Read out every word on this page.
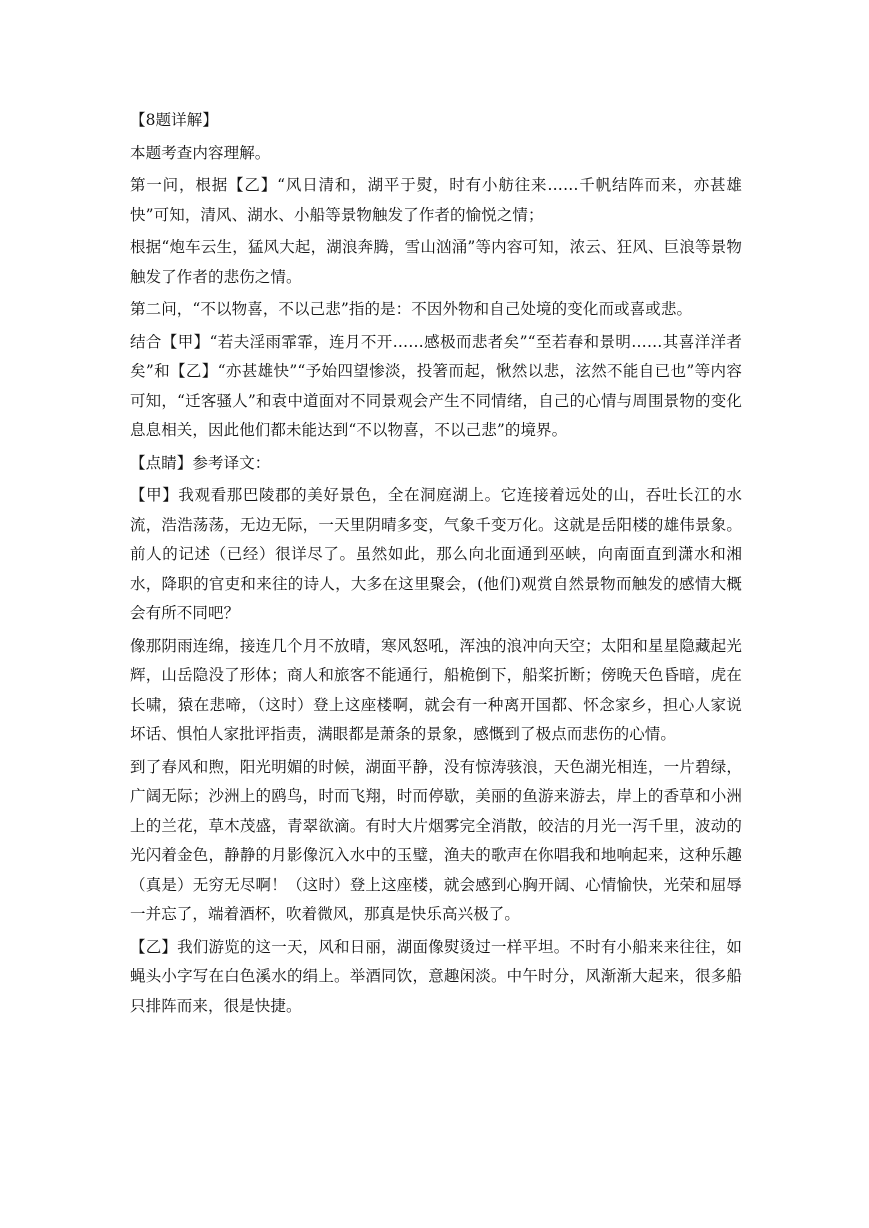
【8题详解】

本题考查内容理解。

第一问，根据【乙】“风日清和，湖平于熨，时有小舫往来……千帆结阵而来，亦甚雄快”可知，清风、湖水、小船等景物触发了作者的愉悦之情；

根据“炮车云生，猛风大起，湖浪奔腾，雪山汹涌”等内容可知，浓云、狂风、巨浪等景物触发了作者的悲伤之情。

第二问，“不以物喜，不以己悲”指的是：不因外物和自己处境的变化而或喜或悲。

结合【甲】“若夫淫雨霏霏，连月不开……感极而悲者矣”“至若春和景明……其喜洋洋者矣”和【乙】“亦甚雄快”“予始四望惨淡，投箸而起，愀然以悲，泫然不能自已也”等内容可知，“迁客骚人”和袁中道面对不同景观会产生不同情绪，自己的心情与周围景物的变化息息相关，因此他们都未能达到“不以物喜，不以己悲”的境界。

【点睛】参考译文：

【甲】我观看那巴陵郡的美好景色，全在洞庭湖上。它连接着远处的山，吞吐长江的水流，浩浩荡荡，无边无际，一天里阴晴多变，气象千变万化。这就是岳阳楼的雄伟景象。前人的记述（已经）很详尽了。虽然如此，那么向北面通到巫峡，向南面直到潇水和湘水，降职的官吏和来往的诗人，大多在这里聚会，(他们)观赏自然景物而触发的感情大概会有所不同吧？

像那阴雨连绵，接连几个月不放晴，寒风怒吼，浑浊的浪冲向天空；太阳和星星隐藏起光辉，山岳隐没了形体；商人和旅客不能通行，船桅倒下，船桨折断；傍晚天色昏暗，虎在长啸，猿在悲啼，（这时）登上这座楼啊，就会有一种离开国都、怀念家乡，担心人家说坏话、惧怕人家批评指责，满眼都是萧条的景象，感慨到了极点而悲伤的心情。

到了春风和煦，阳光明媚的时候，湖面平静，没有惊涛骇浪，天色湖光相连，一片碧绿，广阔无际；沙洲上的鸥鸟，时而飞翔，时而停歇，美丽的鱼游来游去，岸上的香草和小洲上的兰花，草木茂盛，青翠欲滴。有时大片烟雾完全消散，皎洁的月光一泻千里，波动的光闪着金色，静静的月影像沉入水中的玉璧，渔夫的歌声在你唱我和地响起来，这种乐趣（真是）无穷无尽啊！（这时）登上这座楼，就会感到心胸开阔、心情愉快，光荣和屈辱一并忘了，端着酒杯，吹着微风，那真是快乐高兴极了。

【乙】我们游览的这一天，风和日丽，湖面像熨烫过一样平坦。不时有小船来来往往，如蝇头小字写在白色溪水的绢上。举酒同饮，意趣闲淡。中午时分，风渐渐大起来，很多船只排阵而来，很是快捷。
